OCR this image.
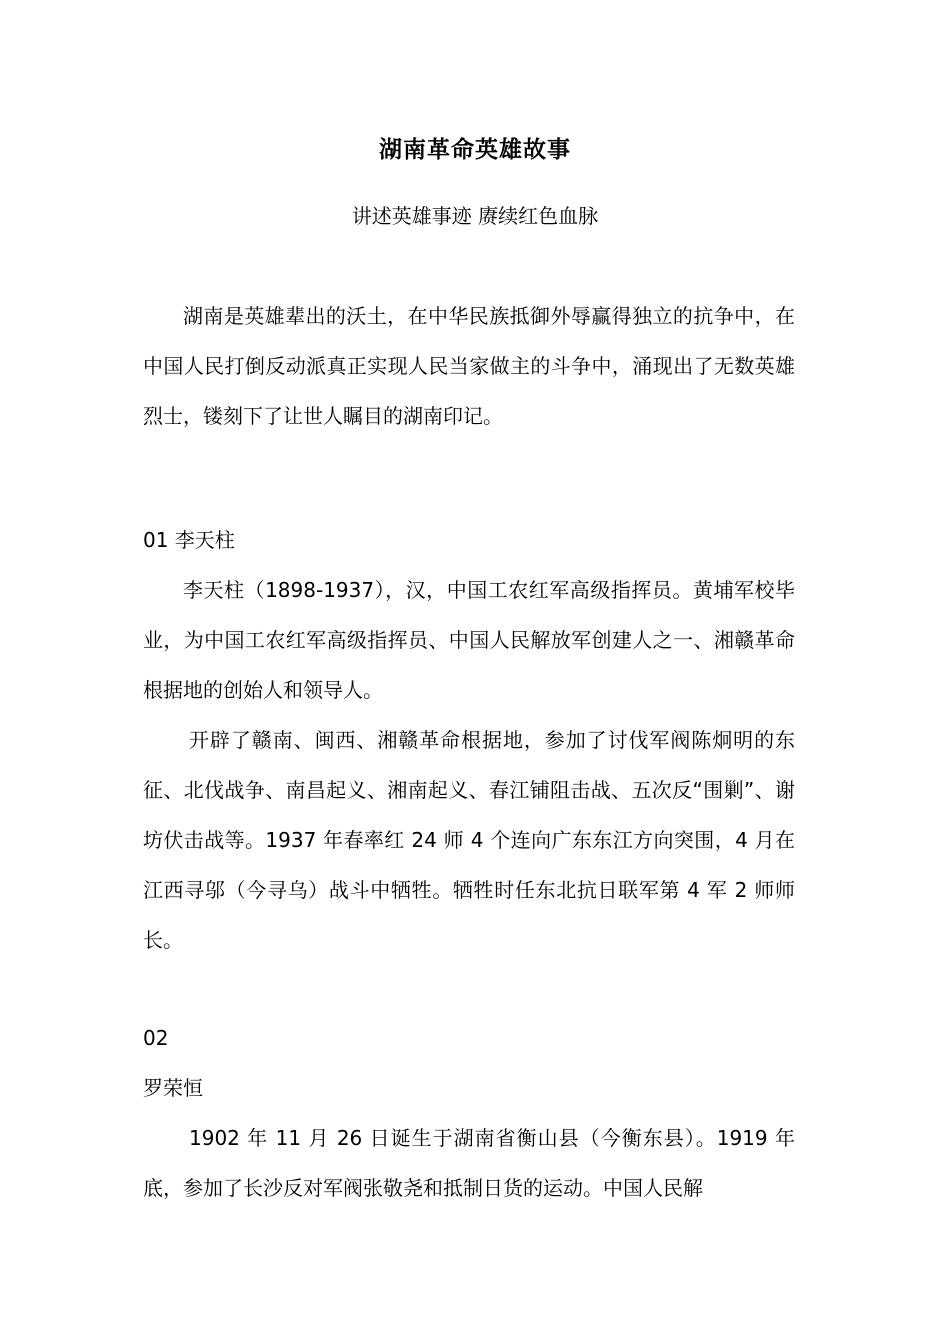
湖南革命英雄故事
讲述英雄事迹 赓续红色血脉

湖南是英雄辈出的沃土，在中华民族抵御外辱赢得独立的抗争中，在中国人民打倒反动派真正实现人民当家做主的斗争中，涌现出了无数英雄烈士，镂刻下了让世人瞩目的湖南印记。

01 李天柱

李天柱（1898-1937），汉，中国工农红军高级指挥员。黄埔军校毕业，为中国工农红军高级指挥员、中国人民解放军创建人之一、湘赣革命根据地的创始人和领导人。

开辟了赣南、闽西、湘赣革命根据地，参加了讨伐军阀陈炯明的东征、北伐战争、南昌起义、湘南起义、春江铺阻击战、五次反“围剿”、谢坊伏击战等。1937 年春率红 24 师 4 个连向广东东江方向突围，4 月在江西寻邬（今寻乌）战斗中牺牲。牺牲时任东北抗日联军第 4 军 2 师师长。

02

罗荣恒

1902 年 11 月 26 日诞生于湖南省衡山县（今衡东县）。1919 年底，参加了长沙反对军阀张敬尧和抵制日货的运动。中国人民解
